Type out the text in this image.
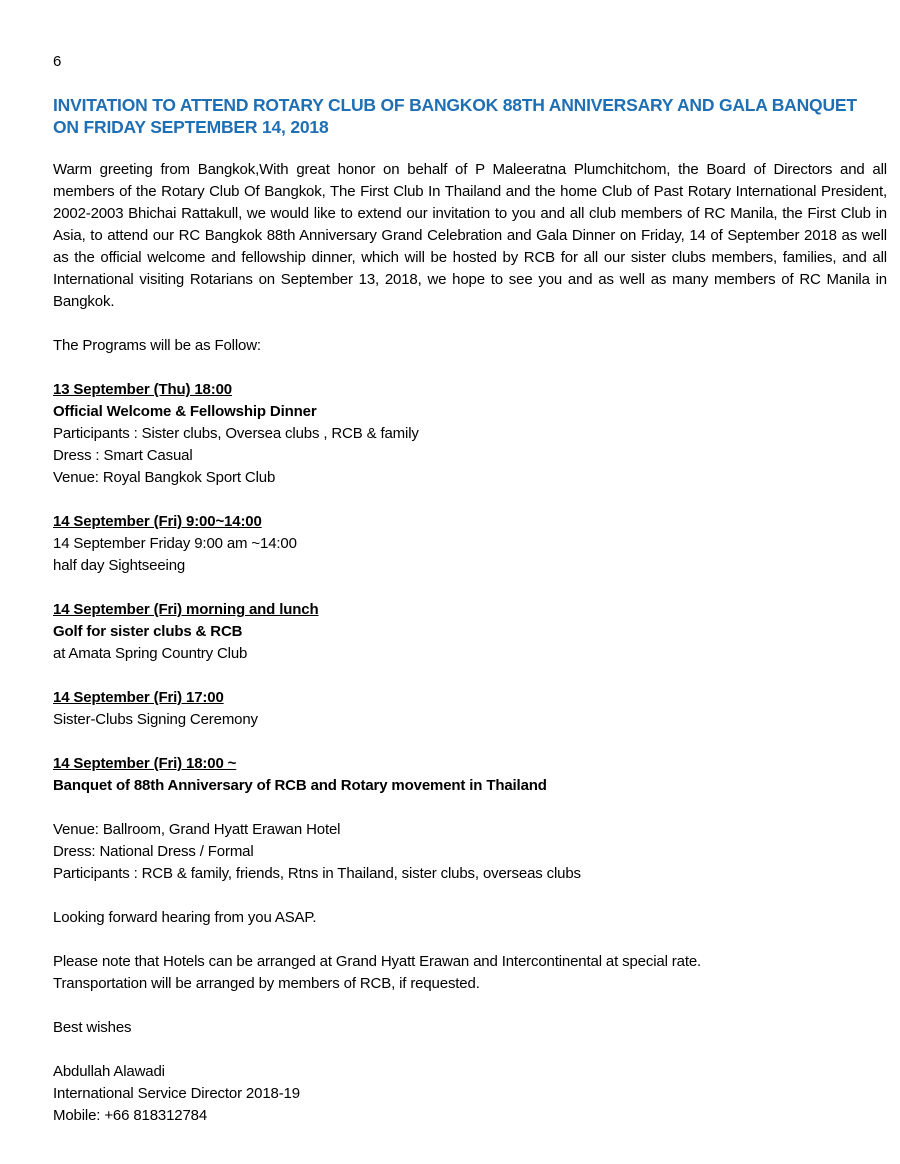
6
INVITATION TO ATTEND ROTARY CLUB OF BANGKOK 88TH ANNIVERSARY AND GALA BANQUET ON FRIDAY SEPTEMBER 14, 2018

Warm greeting from Bangkok,With great honor on behalf of P Maleeratna Plumchitchom, the Board of Directors and all members of the Rotary Club Of Bangkok, The First Club In Thailand and the home Club of Past Rotary International President, 2002-2003 Bhichai Rattakull, we would like to extend our invitation to you and all club members of RC Manila, the First Club in Asia, to attend our RC Bangkok 88th Anniversary Grand Celebration and Gala Dinner on Friday, 14 of September 2018 as well as the official welcome and fellowship dinner, which will be hosted by RCB for all our sister clubs members, families, and all International visiting Rotarians on September 13, 2018, we hope to see you and as well as many members of RC Manila in Bangkok.

The Programs will be as Follow:

13 September (Thu) 18:00
Official Welcome & Fellowship Dinner
Participants : Sister clubs, Oversea clubs , RCB & family
Dress : Smart Casual
Venue: Royal Bangkok Sport Club
14 September (Fri) 9:00~14:00
14 September Friday 9:00 am ~14:00
half day Sightseeing
14 September (Fri) morning and lunch
Golf for sister clubs & RCB
at Amata Spring Country Club
14 September (Fri) 17:00
Sister-Clubs Signing Ceremony
14 September (Fri) 18:00 ~
Banquet of 88th Anniversary of RCB and Rotary movement in Thailand
Venue: Ballroom, Grand Hyatt Erawan Hotel
Dress: National Dress / Formal
Participants : RCB & family, friends, Rtns in Thailand, sister clubs, overseas clubs

Looking forward hearing from you ASAP.

Please note that Hotels can be arranged at Grand Hyatt Erawan and Intercontinental at special rate.
Transportation will be arranged by members of RCB, if requested.

Best wishes

Abdullah Alawadi
International Service Director 2018-19
Mobile: +66 818312784
